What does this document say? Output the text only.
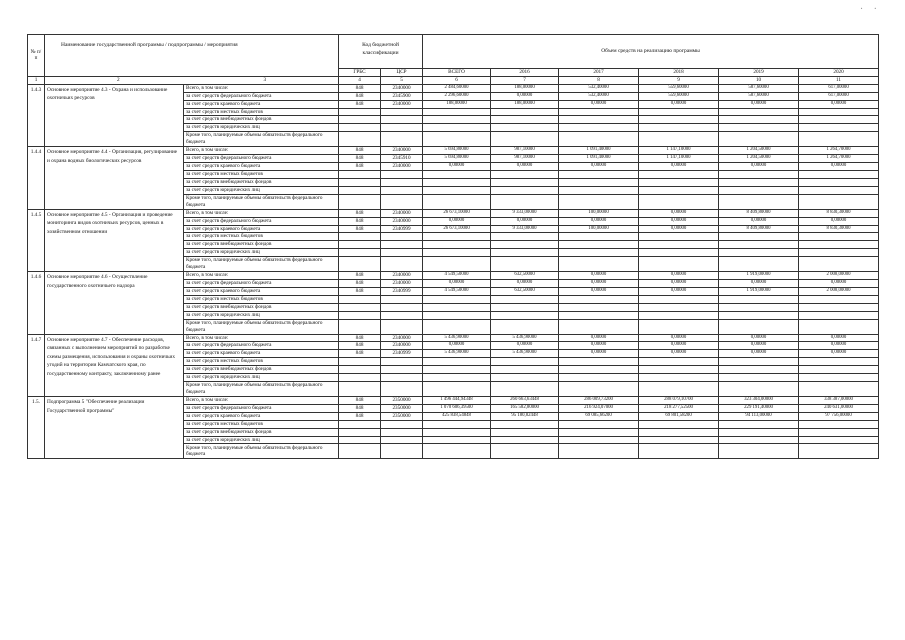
· ·
№ п/п	Наименование государственной программы / подпрограммы / мероприятия		Код бюджетной классификации		Объем средств на реализацию программы					
			ГРБС	ЦСР	ВСЕГО	2016	2017	2018	2019	2020
1	2 3		4	5	6	7	8	9	10	11
1.4.3	Основное мероприятие 4.3 - Охрана и использование охотничьих ресурсов	Всего, в том числе:	848	2340000	2 484,60000	188,00000	532,40000	559,60000	587,60000	617,00000
		за счет средств федерального бюджета	848	2345900	2 296,60000	0,00000	532,40000	559,60000	587,60000	617,00000
		за счет средств краевого бюджета	848	2340000	188,00000	188,00000	0,00000	0,00000	0,00000	0,00000
		за счет средств местных бюджетов								
		за счет средств внебюджетных фондов								
		за счет средств юридических лиц								
		Кроме того, планируемые объемы обязательств федерального бюджета								
1.4.4	Основное мероприятие 4.4 - Организация, регулирование и охрана водных биологических ресурсов	Всего, в том числе:	848	2340000	5 694,80000	987,10000	1 091,40000	1 147,10000	1 204,50000	1 264,70000
		за счет средств федерального бюджета	848	2345910	5 694,80000	987,10000	1 091,40000	1 147,10000	1 204,50000	1 264,70000
		за счет средств краевого бюджета	848	2340000	0,00000	0,00000	0,00000	0,00000	0,00000	0,00000
		за счет средств местных бюджетов								
		за счет средств внебюджетных фондов								
		за счет средств юридических лиц								
		Кроме того, планируемые объемы обязательств федерального бюджета								
1.4.5	Основное мероприятие 4.5 - Организация и проведение мониторинга видов охотничьих ресурсов, ценных в хозяйственном отношении	Всего, в том числе:	848	2340000	26 673,10000	9 333,00000	100,00000	0,00000	8 409,80000	8 830,30000
		за счет средств федерального бюджета	848	2340000	0,00000	0,00000	0,00000	0,00000	0,00000	0,00000
		за счет средств краевого бюджета	848	2340999	26 673,10000	9 333,00000	100,00000	0,00000	8 409,80000	8 830,30000
		за счет средств местных бюджетов								
		за счет средств внебюджетных фондов								
		за счет средств юридических лиц								
		Кроме того, планируемые объемы обязательств федерального бюджета								
1.4.6	Основное мероприятие 4.6 - Осуществление государственного охотничьего надзора	Всего, в том числе:	848	2340000	4 549,50000	632,50000	0,00000	0,00000	1 919,00000	2 008,00000
		за счет средств федерального бюджета	848	2340000	0,00000	0,00000	0,00000	0,00000	0,00000	0,00000
		за счет средств краевого бюджета	848	2340999	4 549,50000	632,50000	0,00000	0,00000	1 919,00000	2 008,00000
		за счет средств местных бюджетов								
		за счет средств внебюджетных фондов								
		за счет средств юридических лиц								
		Кроме того, планируемые объемы обязательств федерального бюджета								
1.4.7	Основное мероприятие 4.7 - Обеспечение расходов, связанных с выполнением мероприятий по разработке схемы размещения, использования и охраны охотничьих угодий на территории Камчатского края, по государственному контракту, заключенному ранее	Всего, в том числе:	848	2340000	5 436,90000	5 436,90000	0,00000	0,00000	0,00000	0,00000
		за счет средств федерального бюджета	848	2340000	0,00000	0,00000	0,00000	0,00000	0,00000	0,00000
		за счет средств краевого бюджета	848	2340999	5 436,90000	5 436,90000	0,00000	0,00000	0,00000	0,00000
		за счет средств местных бюджетов								
		за счет средств внебюджетных фондов								
		за счет средств юридических лиц								
		Кроме того, планируемые объемы обязательств федерального бюджета								
1.5.	Подпрограмма 5 "Обеспечение реализации Государственной программы"	Всего, в том числе:	848	2350000	1 496 444,94348	260 663,63448	286 009,73200	288 079,10700	323 304,00000	338 387,00000
		за счет средств федерального бюджета	848	2350000	1 070 606,39500	165 582,80000	216 924,07000	218 277,52500	229 191,40000	240 631,00000
		за счет средств краевого бюджета	848	2350000	425 838,54848	95 180,82448	69 085,66200	69 801,58200	94 113,00000	97 756,00000
		за счет средств местных бюджетов								
		за счет средств внебюджетных фондов								
		за счет средств юридических лиц								
		Кроме того, планируемые объемы обязательств федерального бюджета								
